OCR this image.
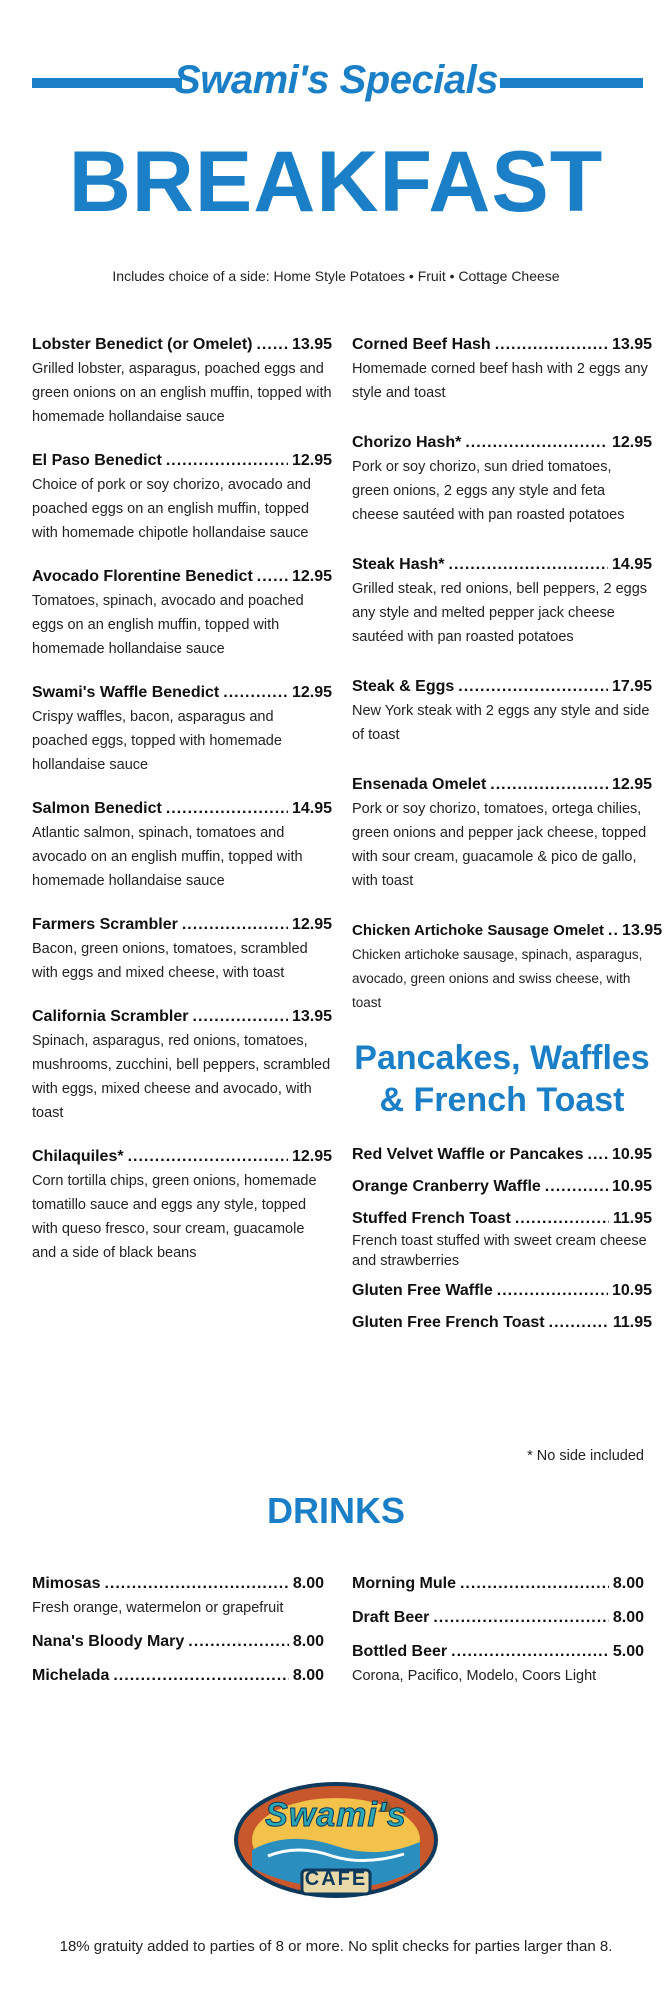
Swami's Specials
BREAKFAST
Includes choice of a side: Home Style Potatoes • Fruit • Cottage Cheese
Lobster Benedict (or Omelet) ..... 13.95
Grilled lobster, asparagus, poached eggs and green onions on an english muffin, topped with homemade hollandaise sauce
El Paso Benedict .....	12.95
Choice of pork or soy chorizo, avocado and poached eggs on an english muffin, topped with homemade chipotle hollandaise sauce
Avocado Florentine Benedict ..... 12.95
Tomatoes, spinach, avocado and poached eggs on an english muffin, topped with homemade hollandaise sauce
Swami's Waffle Benedict .....	12.95
Crispy waffles, bacon, asparagus and poached eggs, topped with homemade hollandaise sauce
Salmon Benedict .....	14.95
Atlantic salmon, spinach, tomatoes and avocado on an english muffin, topped with homemade hollandaise sauce
Farmers Scrambler .....	12.95
Bacon, green onions, tomatoes, scrambled with eggs and mixed cheese, with toast
California Scrambler .....	13.95
Spinach, asparagus, red onions, tomatoes, mushrooms, zucchini, bell peppers, scrambled with eggs, mixed cheese and avocado, with toast
Chilaquiles* .....	12.95
Corn tortilla chips, green onions, homemade tomatillo sauce and eggs any style, topped with queso fresco, sour cream, guacamole and a side of black beans
Corned Beef Hash .....	13.95
Homemade corned beef hash with 2 eggs any style and toast
Chorizo Hash* .....	12.95
Pork or soy chorizo, sun dried tomatoes, green onions, 2 eggs any style and feta cheese sautéed with pan roasted potatoes
Steak Hash* .....	14.95
Grilled steak, red onions, bell peppers, 2 eggs any style and melted pepper jack cheese sautéed with pan roasted potatoes
Steak & Eggs .....	17.95
New York steak with 2 eggs any style and side of toast
Ensenada Omelet .....	12.95
Pork or soy chorizo, tomatoes, ortega chilies, green onions and pepper jack cheese, topped with sour cream, guacamole & pico de gallo, with toast
Chicken Artichoke Sausage Omelet ..... 13.95
Chicken artichoke sausage, spinach, asparagus, avocado, green onions and swiss cheese, with toast
Pancakes, Waffles & French Toast
Red Velvet Waffle or Pancakes ..... 10.95
Orange Cranberry Waffle .....	10.95
Stuffed French Toast .....	11.95
French toast stuffed with sweet cream cheese and strawberries
Gluten Free Waffle .....	10.95
Gluten Free French Toast .....	11.95
* No side included
DRINKS
Mimosas .....	8.00
Fresh orange, watermelon or grapefruit
Nana's Bloody Mary .....	8.00
Michelada .....	8.00
Morning Mule .....	8.00
Draft Beer .....	8.00
Bottled Beer .....	5.00
Corona, Pacifico, Modelo, Coors Light
Swami's
CAFE
18% gratuity added to parties of 8 or more. No split checks for parties larger than 8.
